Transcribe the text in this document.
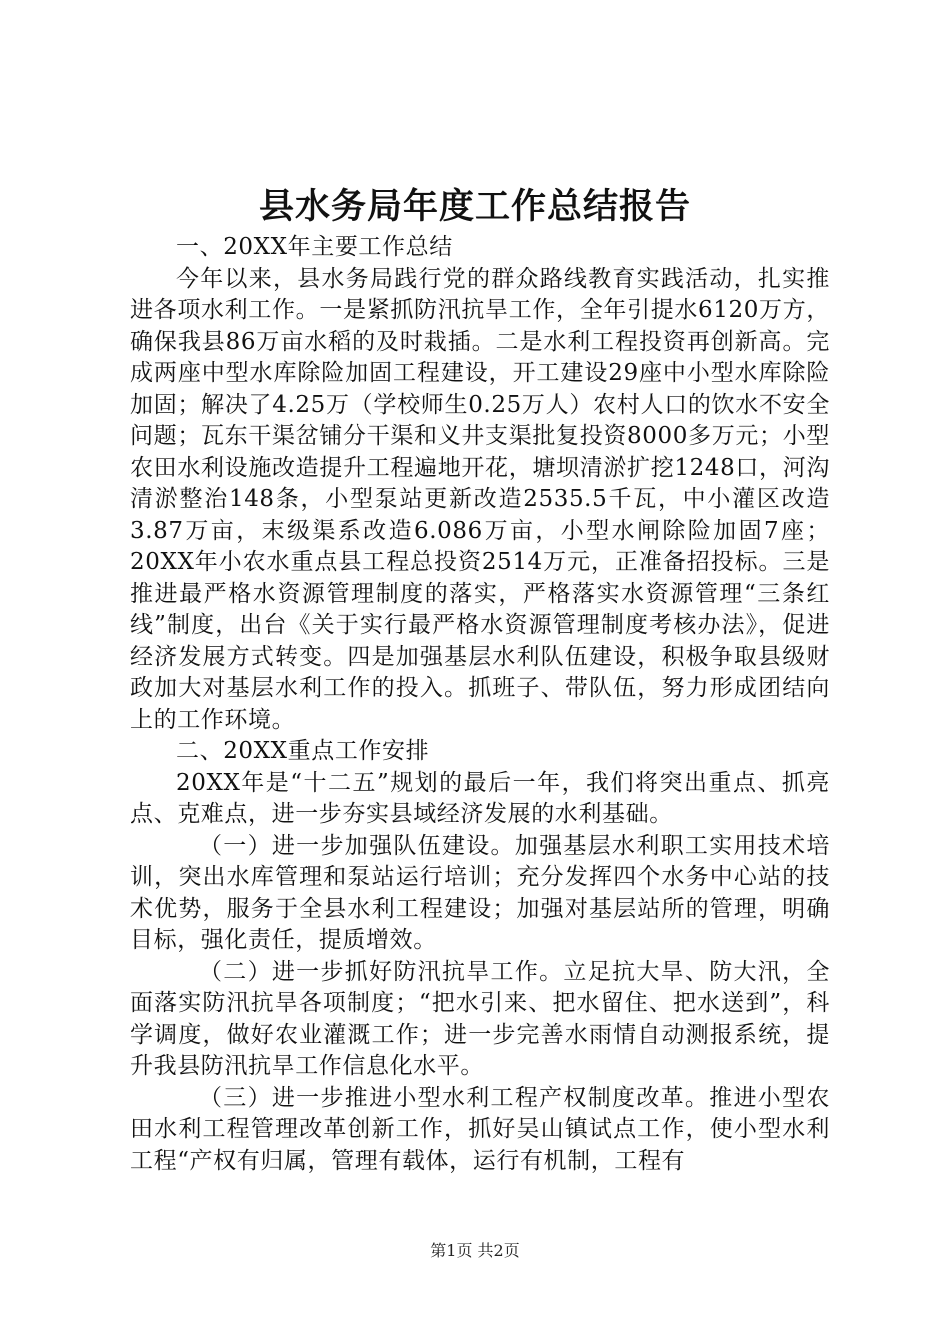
县水务局年度工作总结报告

一、20XX年主要工作总结

今年以来，县水务局践行党的群众路线教育实践活动，扎实推进各项水利工作。一是紧抓防汛抗旱工作，全年引提水6120万方，确保我县86万亩水稻的及时栽插。二是水利工程投资再创新高。完成两座中型水库除险加固工程建设，开工建设29座中小型水库除险加固；解决了4.25万（学校师生0.25万人）农村人口的饮水不安全问题；瓦东干渠岔铺分干渠和义井支渠批复投资8000多万元；小型农田水利设施改造提升工程遍地开花，塘坝清淤扩挖1248口，河沟清淤整治148条，小型泵站更新改造2535.5千瓦，中小灌区改造3.87万亩，末级渠系改造6.086万亩，小型水闸除险加固7座；20XX年小农水重点县工程总投资2514万元，正准备招投标。三是推进最严格水资源管理制度的落实，严格落实水资源管理“三条红线”制度，出台《关于实行最严格水资源管理制度考核办法》，促进经济发展方式转变。四是加强基层水利队伍建设，积极争取县级财政加大对基层水利工作的投入。抓班子、带队伍，努力形成团结向上的工作环境。

二、20XX重点工作安排

20XX年是“十二五”规划的最后一年，我们将突出重点、抓亮点、克难点，进一步夯实县域经济发展的水利基础。

（一）进一步加强队伍建设。加强基层水利职工实用技术培训，突出水库管理和泵站运行培训；充分发挥四个水务中心站的技术优势，服务于全县水利工程建设；加强对基层站所的管理，明确目标，强化责任，提质增效。

（二）进一步抓好防汛抗旱工作。立足抗大旱、防大汛，全面落实防汛抗旱各项制度；“把水引来、把水留住、把水送到”，科学调度，做好农业灌溉工作；进一步完善水雨情自动测报系统，提升我县防汛抗旱工作信息化水平。

（三）进一步推进小型水利工程产权制度改革。推进小型农田水利工程管理改革创新工作，抓好吴山镇试点工作，使小型水利工程“产权有归属，管理有载体，运行有机制，工程有

第1页 共2页
